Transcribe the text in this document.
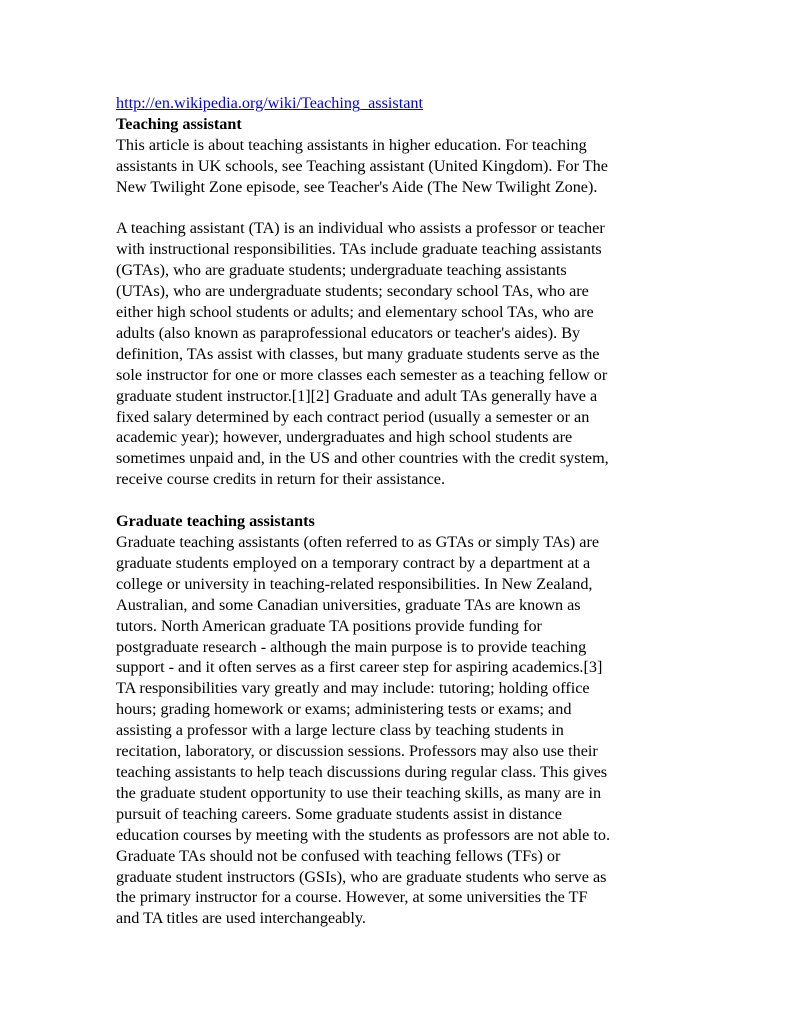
http://en.wikipedia.org/wiki/Teaching_assistant
Teaching assistant
This article is about teaching assistants in higher education. For teaching
assistants in UK schools, see Teaching assistant (United Kingdom). For The
New Twilight Zone episode, see Teacher's Aide (The New Twilight Zone).
A teaching assistant (TA) is an individual who assists a professor or teacher
with instructional responsibilities. TAs include graduate teaching assistants
(GTAs), who are graduate students; undergraduate teaching assistants
(UTAs), who are undergraduate students; secondary school TAs, who are
either high school students or adults; and elementary school TAs, who are
adults (also known as paraprofessional educators or teacher's aides). By
definition, TAs assist with classes, but many graduate students serve as the
sole instructor for one or more classes each semester as a teaching fellow or
graduate student instructor.[1][2] Graduate and adult TAs generally have a
fixed salary determined by each contract period (usually a semester or an
academic year); however, undergraduates and high school students are
sometimes unpaid and, in the US and other countries with the credit system,
receive course credits in return for their assistance.
Graduate teaching assistants
Graduate teaching assistants (often referred to as GTAs or simply TAs) are
graduate students employed on a temporary contract by a department at a
college or university in teaching-related responsibilities. In New Zealand,
Australian, and some Canadian universities, graduate TAs are known as
tutors. North American graduate TA positions provide funding for
postgraduate research - although the main purpose is to provide teaching
support - and it often serves as a first career step for aspiring academics.[3]
TA responsibilities vary greatly and may include: tutoring; holding office
hours; grading homework or exams; administering tests or exams; and
assisting a professor with a large lecture class by teaching students in
recitation, laboratory, or discussion sessions. Professors may also use their
teaching assistants to help teach discussions during regular class. This gives
the graduate student opportunity to use their teaching skills, as many are in
pursuit of teaching careers. Some graduate students assist in distance
education courses by meeting with the students as professors are not able to.
Graduate TAs should not be confused with teaching fellows (TFs) or
graduate student instructors (GSIs), who are graduate students who serve as
the primary instructor for a course. However, at some universities the TF
and TA titles are used interchangeably.
